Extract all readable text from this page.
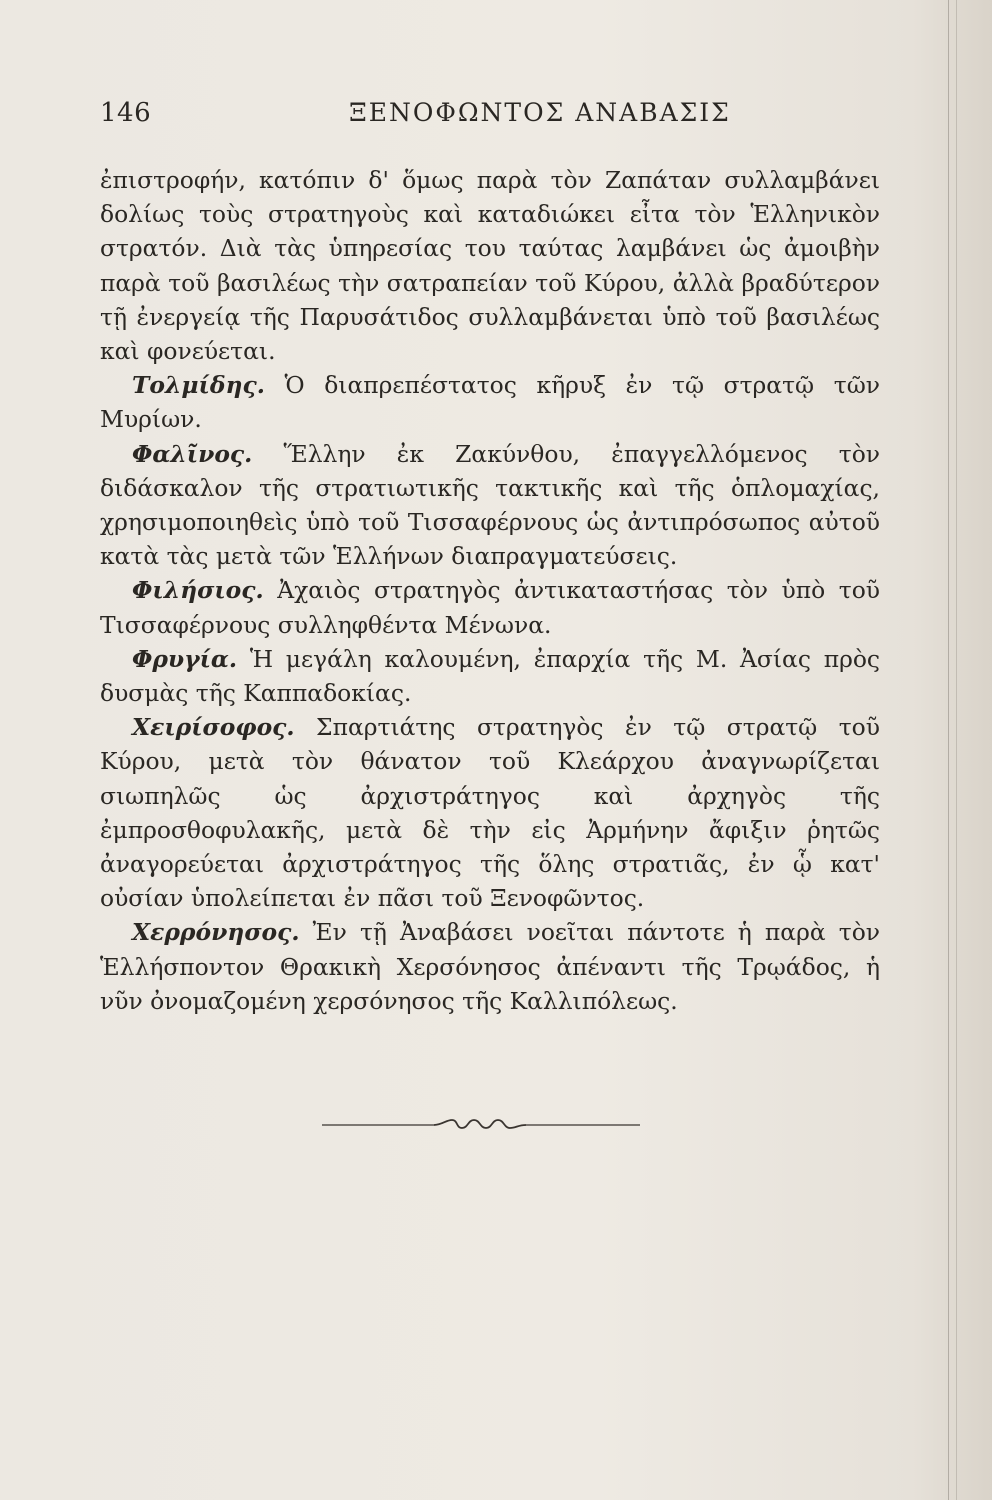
146	ΞΕΝΟΦΩΝΤΟΣ ΑΝΑΒΑΣΙΣ

ἐπιστροφήν, κατόπιν δ' ὅμως παρὰ τὸν Ζαπάταν συλλαμβάνει δολίως τοὺς στρατηγοὺς καὶ καταδιώκει εἶτα τὸν Ἑλληνικὸν στρατόν. Διὰ τὰς ὑπηρεσίας του ταύτας λαμβάνει ὡς ἀμοιβὴν παρὰ τοῦ βασιλέως τὴν σατραπείαν τοῦ Κύρου, ἀλλὰ βραδύτερον τῇ ἐνεργείᾳ τῆς Παρυσάτιδος συλλαμβάνεται ὑπὸ τοῦ βασιλέως καὶ φονεύεται.

Τολμίδης. Ὁ διαπρεπέστατος κῆρυξ ἐν τῷ στρατῷ τῶν Μυρίων.

Φαλῖνος. Ἕλλην ἐκ Ζακύνθου, ἐπαγγελλόμενος τὸν διδάσκαλον τῆς στρατιωτικῆς τακτικῆς καὶ τῆς ὁπλομαχίας, χρησιμοποιηθεὶς ὑπὸ τοῦ Τισσαφέρνους ὡς ἀντιπρόσωπος αὐτοῦ κατὰ τὰς μετὰ τῶν Ἑλλήνων διαπραγματεύσεις.

Φιλήσιος. Ἀχαιὸς στρατηγὸς ἀντικαταστήσας τὸν ὑπὸ τοῦ Τισσαφέρνους συλληφθέντα Μένωνα.

Φρυγία. Ἡ μεγάλη καλουμένη, ἐπαρχία τῆς Μ. Ἀσίας πρὸς δυσμὰς τῆς Καππαδοκίας.

Χειρίσοφος. Σπαρτιάτης στρατηγὸς ἐν τῷ στρατῷ τοῦ Κύρου, μετὰ τὸν θάνατον τοῦ Κλεάρχου ἀναγνωρίζεται σιωπηλῶς ὡς ἀρχιστράτηγος καὶ ἀρχηγὸς τῆς ἐμπροσθοφυλακῆς, μετὰ δὲ τὴν εἰς Ἀρμήνην ἄφιξιν ῥητῶς ἀναγορεύεται ἀρχιστράτηγος τῆς ὅλης στρατιᾶς, ἐν ᾧ κατ' οὐσίαν ὑπολείπεται ἐν πᾶσι τοῦ Ξενοφῶντος.

Χερρόνησος. Ἐν τῇ Ἀναβάσει νοεῖται πάντοτε ἡ παρὰ τὸν Ἑλλήσποντον Θρακικὴ Χερσόνησος ἀπέναντι τῆς Τρῳάδος, ἡ νῦν ὀνομαζομένη χερσόνησος τῆς Καλλιπόλεως.
